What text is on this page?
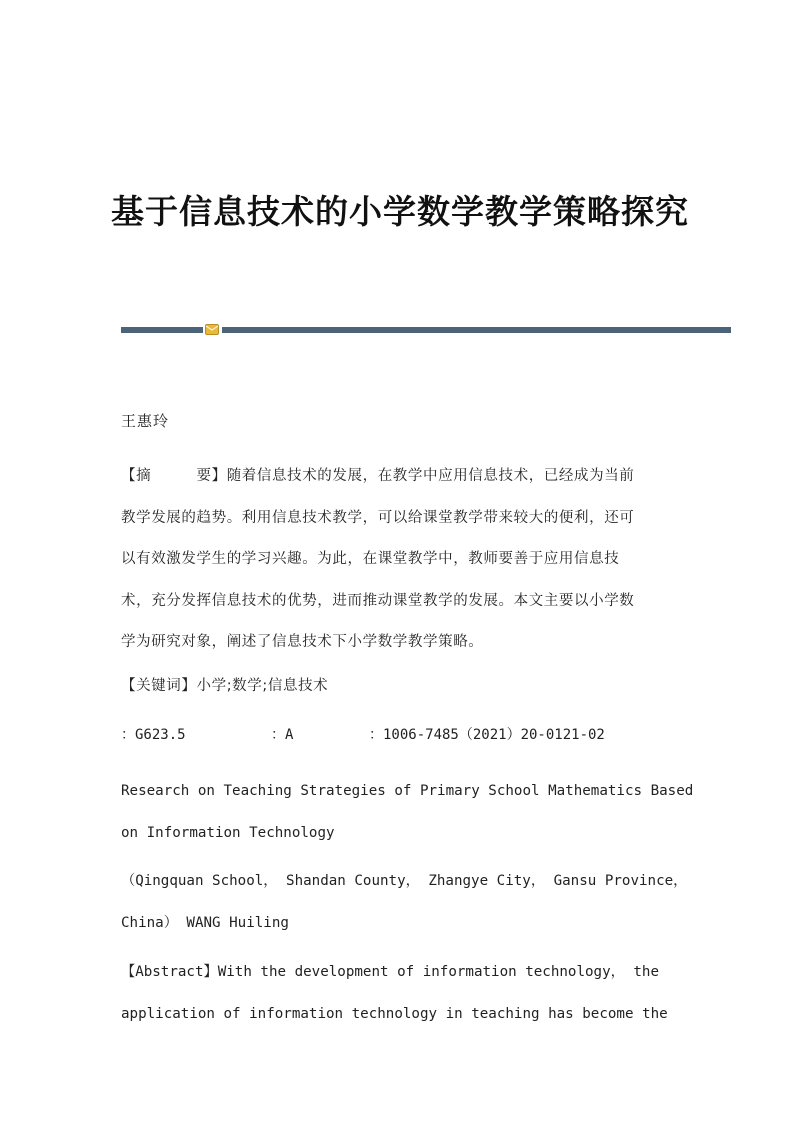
基于信息技术的小学数学教学策略探究
王惠玲
【摘　　　要】随着信息技术的发展，在教学中应用信息技术，已经成为当前
教学发展的趋势。利用信息技术教学，可以给课堂教学带来较大的便利，还可
以有效激发学生的学习兴趣。为此，在课堂教学中，教师要善于应用信息技
术，充分发挥信息技术的优势，进而推动课堂教学的发展。本文主要以小学数
学为研究对象，阐述了信息技术下小学数学教学策略。
【关键词】小学;数学;信息技术
：G623.5	：A	：1006-7485（2021）20-0121-02
Research on Teaching Strategies of Primary School Mathematics Based
on Information Technology
（Qingquan School， Shandan County， Zhangye City， Gansu Province，
China） WANG Huiling
【Abstract】With the development of information technology， the
application of information technology in teaching has become the
